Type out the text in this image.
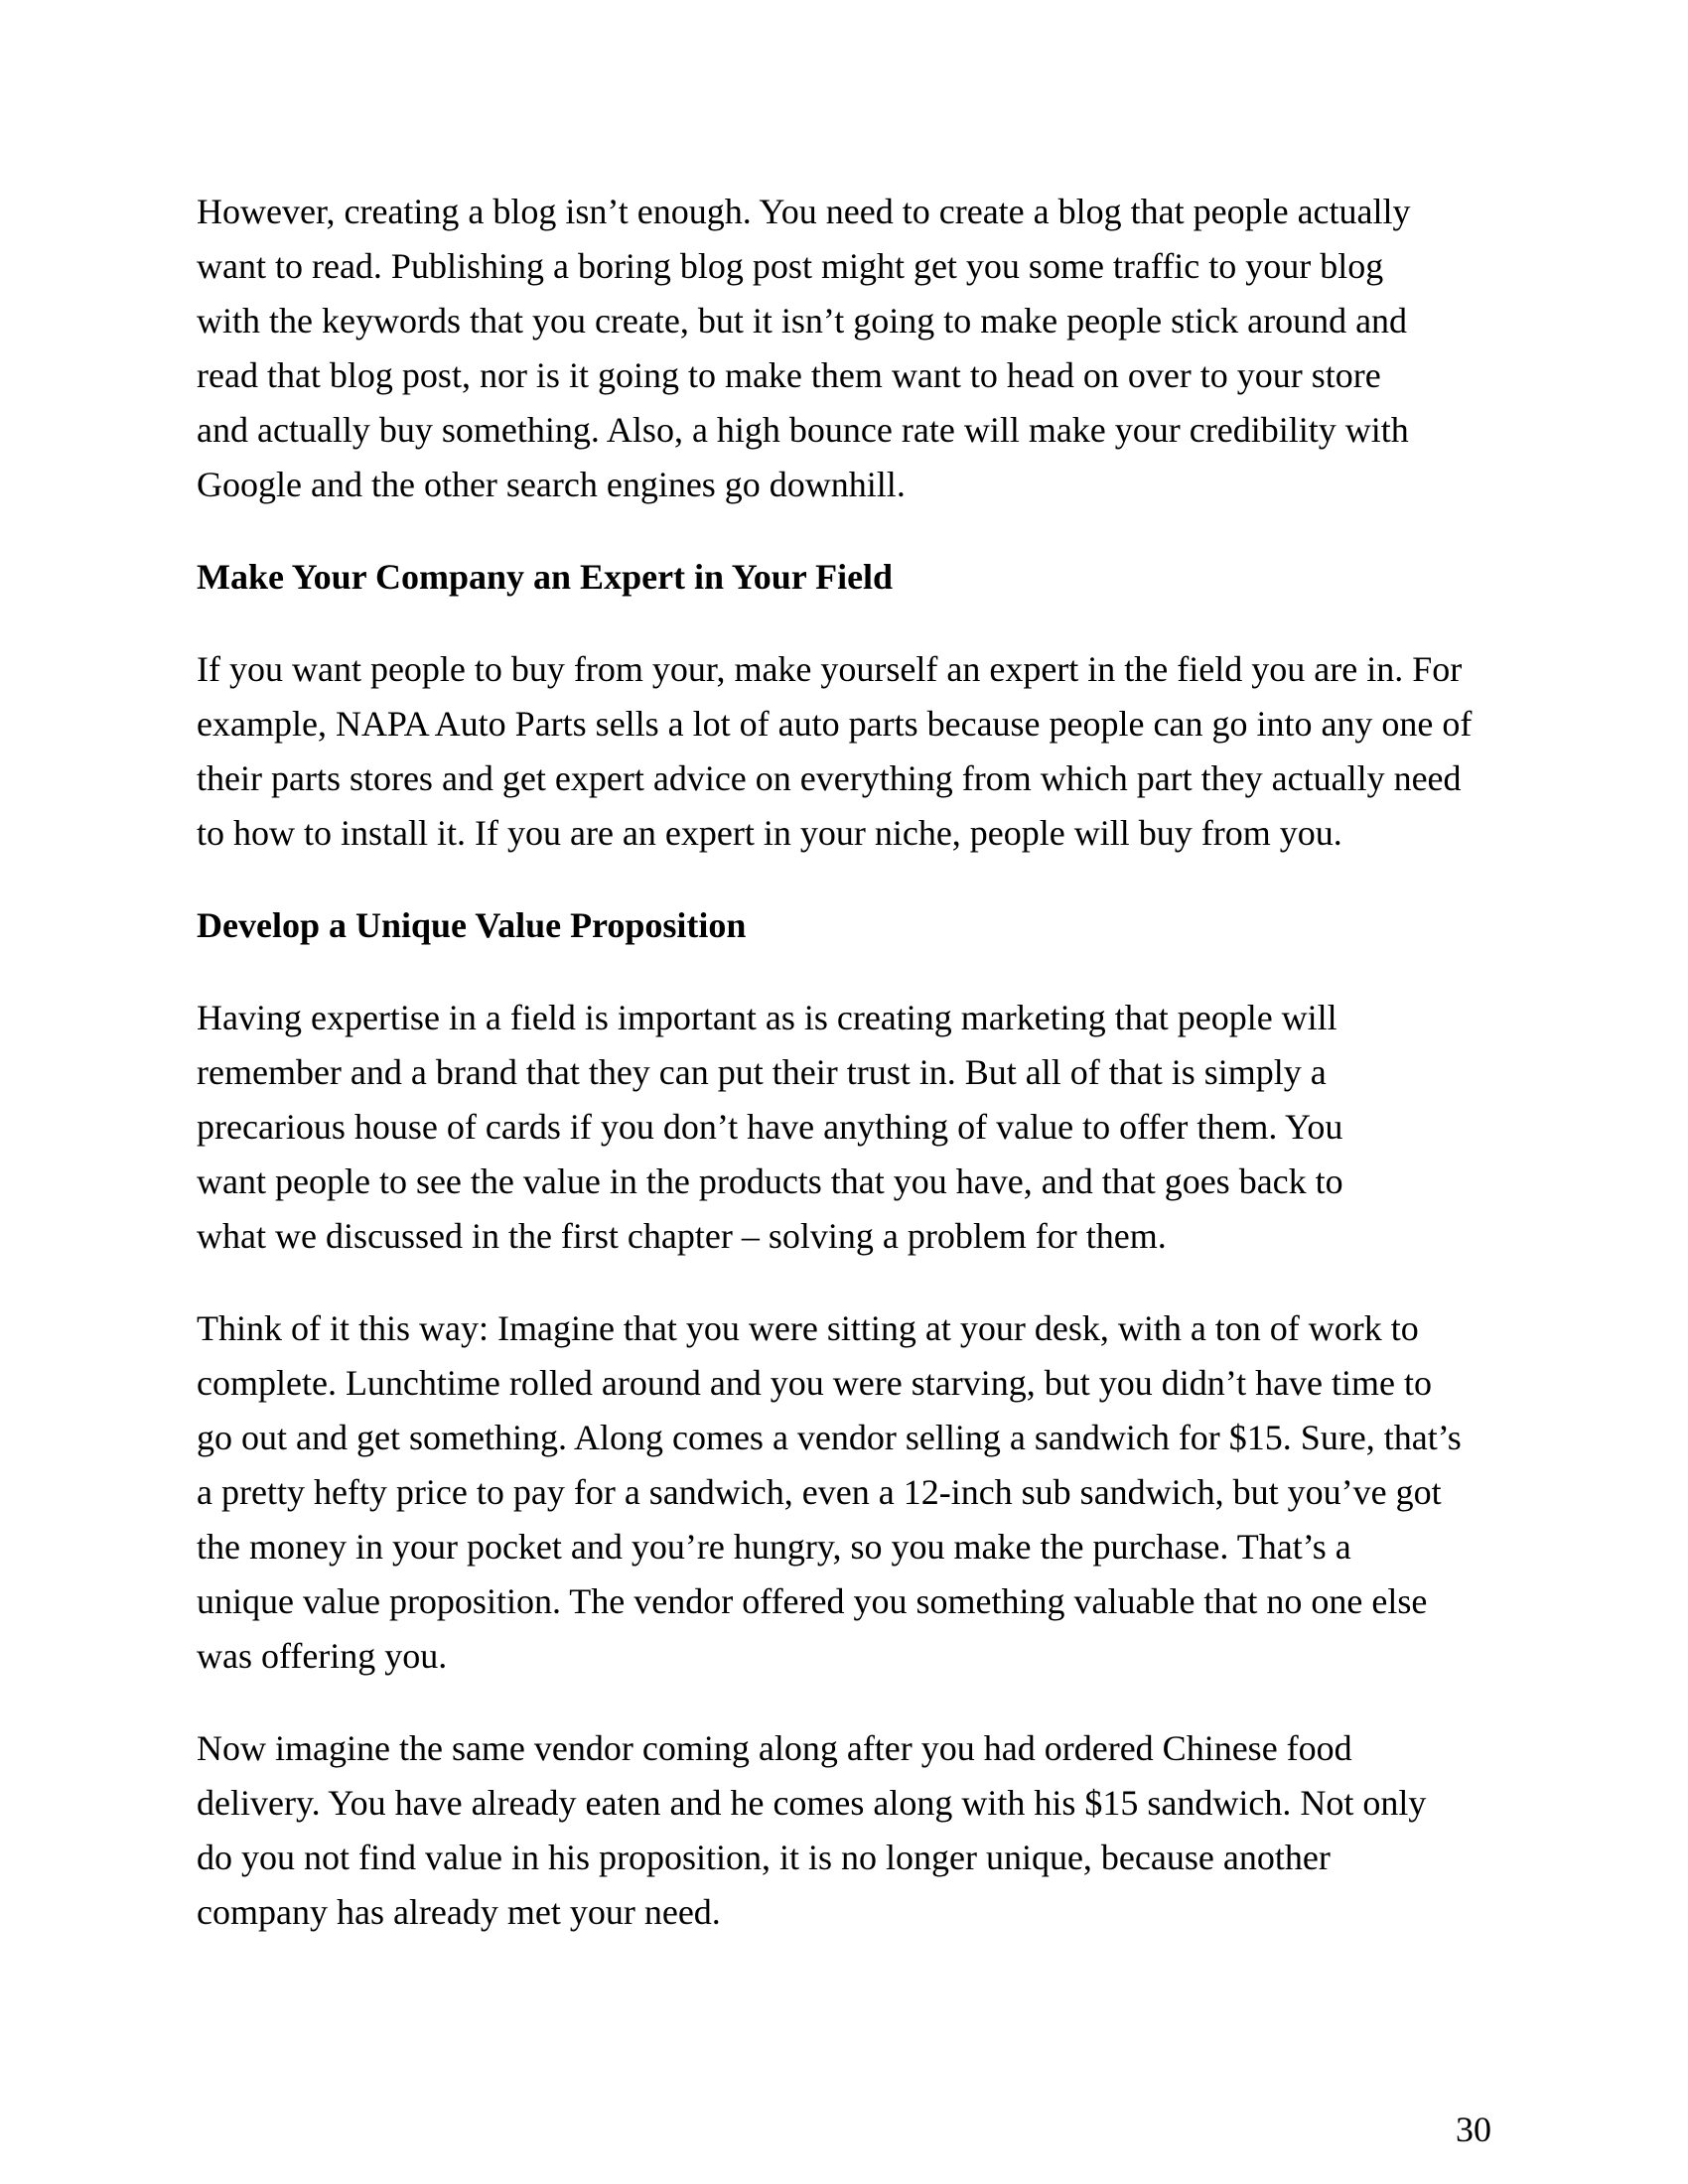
However, creating a blog isn’t enough. You need to create a blog that people actually
want to read. Publishing a boring blog post might get you some traffic to your blog
with the keywords that you create, but it isn’t going to make people stick around and
read that blog post, nor is it going to make them want to head on over to your store
and actually buy something. Also, a high bounce rate will make your credibility with
Google and the other search engines go downhill.

Make Your Company an Expert in Your Field

If you want people to buy from your, make yourself an expert in the field you are in. For
example, NAPA Auto Parts sells a lot of auto parts because people can go into any one of
their parts stores and get expert advice on everything from which part they actually need
to how to install it. If you are an expert in your niche, people will buy from you.

Develop a Unique Value Proposition

Having expertise in a field is important as is creating marketing that people will
remember and a brand that they can put their trust in. But all of that is simply a
precarious house of cards if you don’t have anything of value to offer them. You
want people to see the value in the products that you have, and that goes back to
what we discussed in the first chapter – solving a problem for them.

Think of it this way: Imagine that you were sitting at your desk, with a ton of work to
complete. Lunchtime rolled around and you were starving, but you didn’t have time to
go out and get something. Along comes a vendor selling a sandwich for $15. Sure, that’s
a pretty hefty price to pay for a sandwich, even a 12-inch sub sandwich, but you’ve got
the money in your pocket and you’re hungry, so you make the purchase. That’s a
unique value proposition. The vendor offered you something valuable that no one else
was offering you.

Now imagine the same vendor coming along after you had ordered Chinese food
delivery. You have already eaten and he comes along with his $15 sandwich. Not only
do you not find value in his proposition, it is no longer unique, because another
company has already met your need.

30
